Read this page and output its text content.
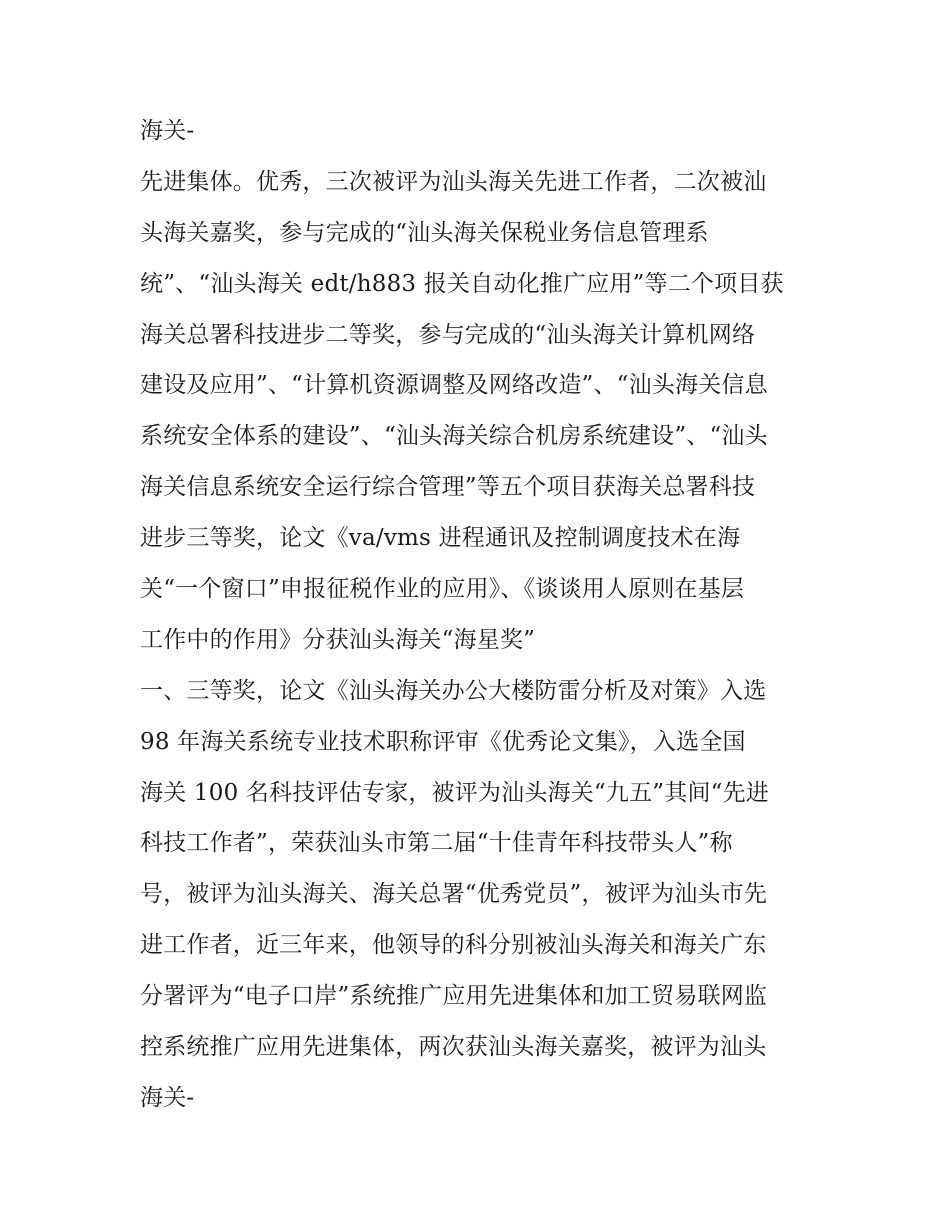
海关-
先进集体。优秀，三次被评为汕头海关先进工作者，二次被汕
头海关嘉奖，参与完成的“汕头海关保税业务信息管理系
统”、“汕头海关 edt/h883 报关自动化推广应用”等二个项目获
海关总署科技进步二等奖，参与完成的“汕头海关计算机网络
建设及应用”、“计算机资源调整及网络改造”、“汕头海关信息
系统安全体系的建设”、“汕头海关综合机房系统建设”、“汕头
海关信息系统安全运行综合管理”等五个项目获海关总署科技
进步三等奖，论文《va/vms 进程通讯及控制调度技术在海
关“一个窗口”申报征税作业的应用》、《谈谈用人原则在基层
工作中的作用》分获汕头海关“海星奖”
一、三等奖，论文《汕头海关办公大楼防雷分析及对策》入选
98 年海关系统专业技术职称评审《优秀论文集》，入选全国
海关 100 名科技评估专家，被评为汕头海关“九五”其间“先进
科技工作者”，荣获汕头市第二届“十佳青年科技带头人”称
号，被评为汕头海关、海关总署“优秀党员”，被评为汕头市先
进工作者，近三年来，他领导的科分别被汕头海关和海关广东
分署评为“电子口岸”系统推广应用先进集体和加工贸易联网监
控系统推广应用先进集体，两次获汕头海关嘉奖，被评为汕头
海关-
